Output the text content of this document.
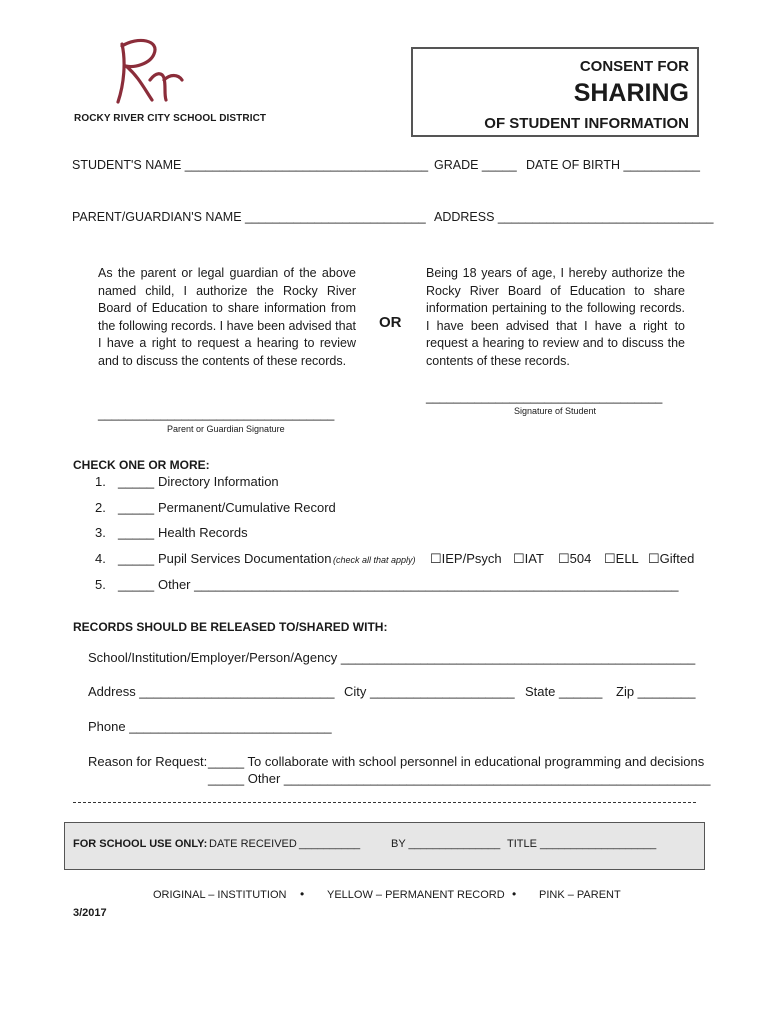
ROCKY RIVER CITY SCHOOL DISTRICT
CONSENT FOR
SHARING
OF STUDENT INFORMATION
STUDENT'S NAME ___________________________________ GRADE _____ DATE OF BIRTH ___________
PARENT/GUARDIAN'S NAME __________________________ ADDRESS _______________________________
As the parent or legal guardian of the above named child, I authorize the Rocky River Board of Education to share information from the following records. I have been advised that I have a right to request a hearing to review and to discuss the contents of these records.
OR
Being 18 years of age, I hereby authorize the Rocky River Board of Education to share information pertaining to the following records. I have been advised that I have a right to request a hearing to review and to discuss the contents of these records.
__________________________________
Signature of Student
__________________________________
Parent or Guardian Signature
CHECK ONE OR MORE:
1. _____ Directory Information
2. _____ Permanent/Cumulative Record
3. _____ Health Records
4. _____ Pupil Services Documentation (check all that apply) ☐IEP/Psych ☐IAT ☐504 ☐ELL ☐Gifted
5. _____ Other ___________________________________________________________________
RECORDS SHOULD BE RELEASED TO/SHARED WITH:
School/Institution/Employer/Person/Agency _________________________________________________
Address ___________________________ City ____________________ State ______ Zip ________
Phone ____________________________
Reason for Request: _____ To collaborate with school personnel in educational programming and decisions
_____ Other ___________________________________________________________
FOR SCHOOL USE ONLY: DATE RECEIVED __________	BY _______________ TITLE ___________________
ORIGINAL – INSTITUTION • YELLOW – PERMANENT RECORD • PINK – PARENT
3/2017
